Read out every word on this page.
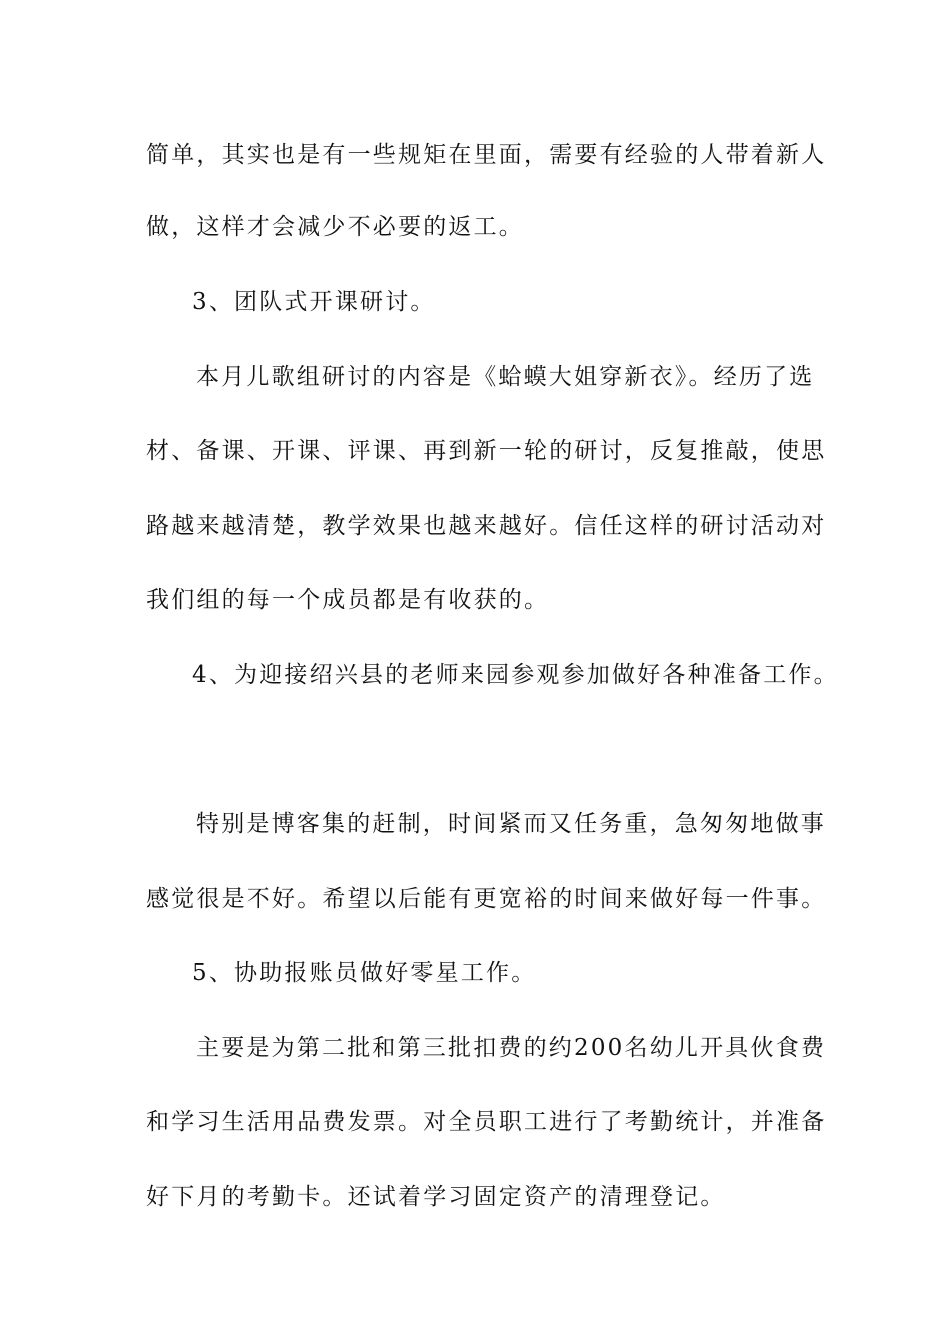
简单，其实也是有一些规矩在里面，需要有经验的人带着新人
做，这样才会减少不必要的返工。
3、团队式开课研讨。
本月儿歌组研讨的内容是《蛤蟆大姐穿新衣》。经历了选
材、备课、开课、评课、再到新一轮的研讨，反复推敲，使思
路越来越清楚，教学效果也越来越好。信任这样的研讨活动对
我们组的每一个成员都是有收获的。
4、为迎接绍兴县的老师来园参观参加做好各种准备工作。
特别是博客集的赶制，时间紧而又任务重，急匆匆地做事
感觉很是不好。希望以后能有更宽裕的时间来做好每一件事。
5、协助报账员做好零星工作。
主要是为第二批和第三批扣费的约200名幼儿开具伙食费
和学习生活用品费发票。对全员职工进行了考勤统计，并准备
好下月的考勤卡。还试着学习固定资产的清理登记。
